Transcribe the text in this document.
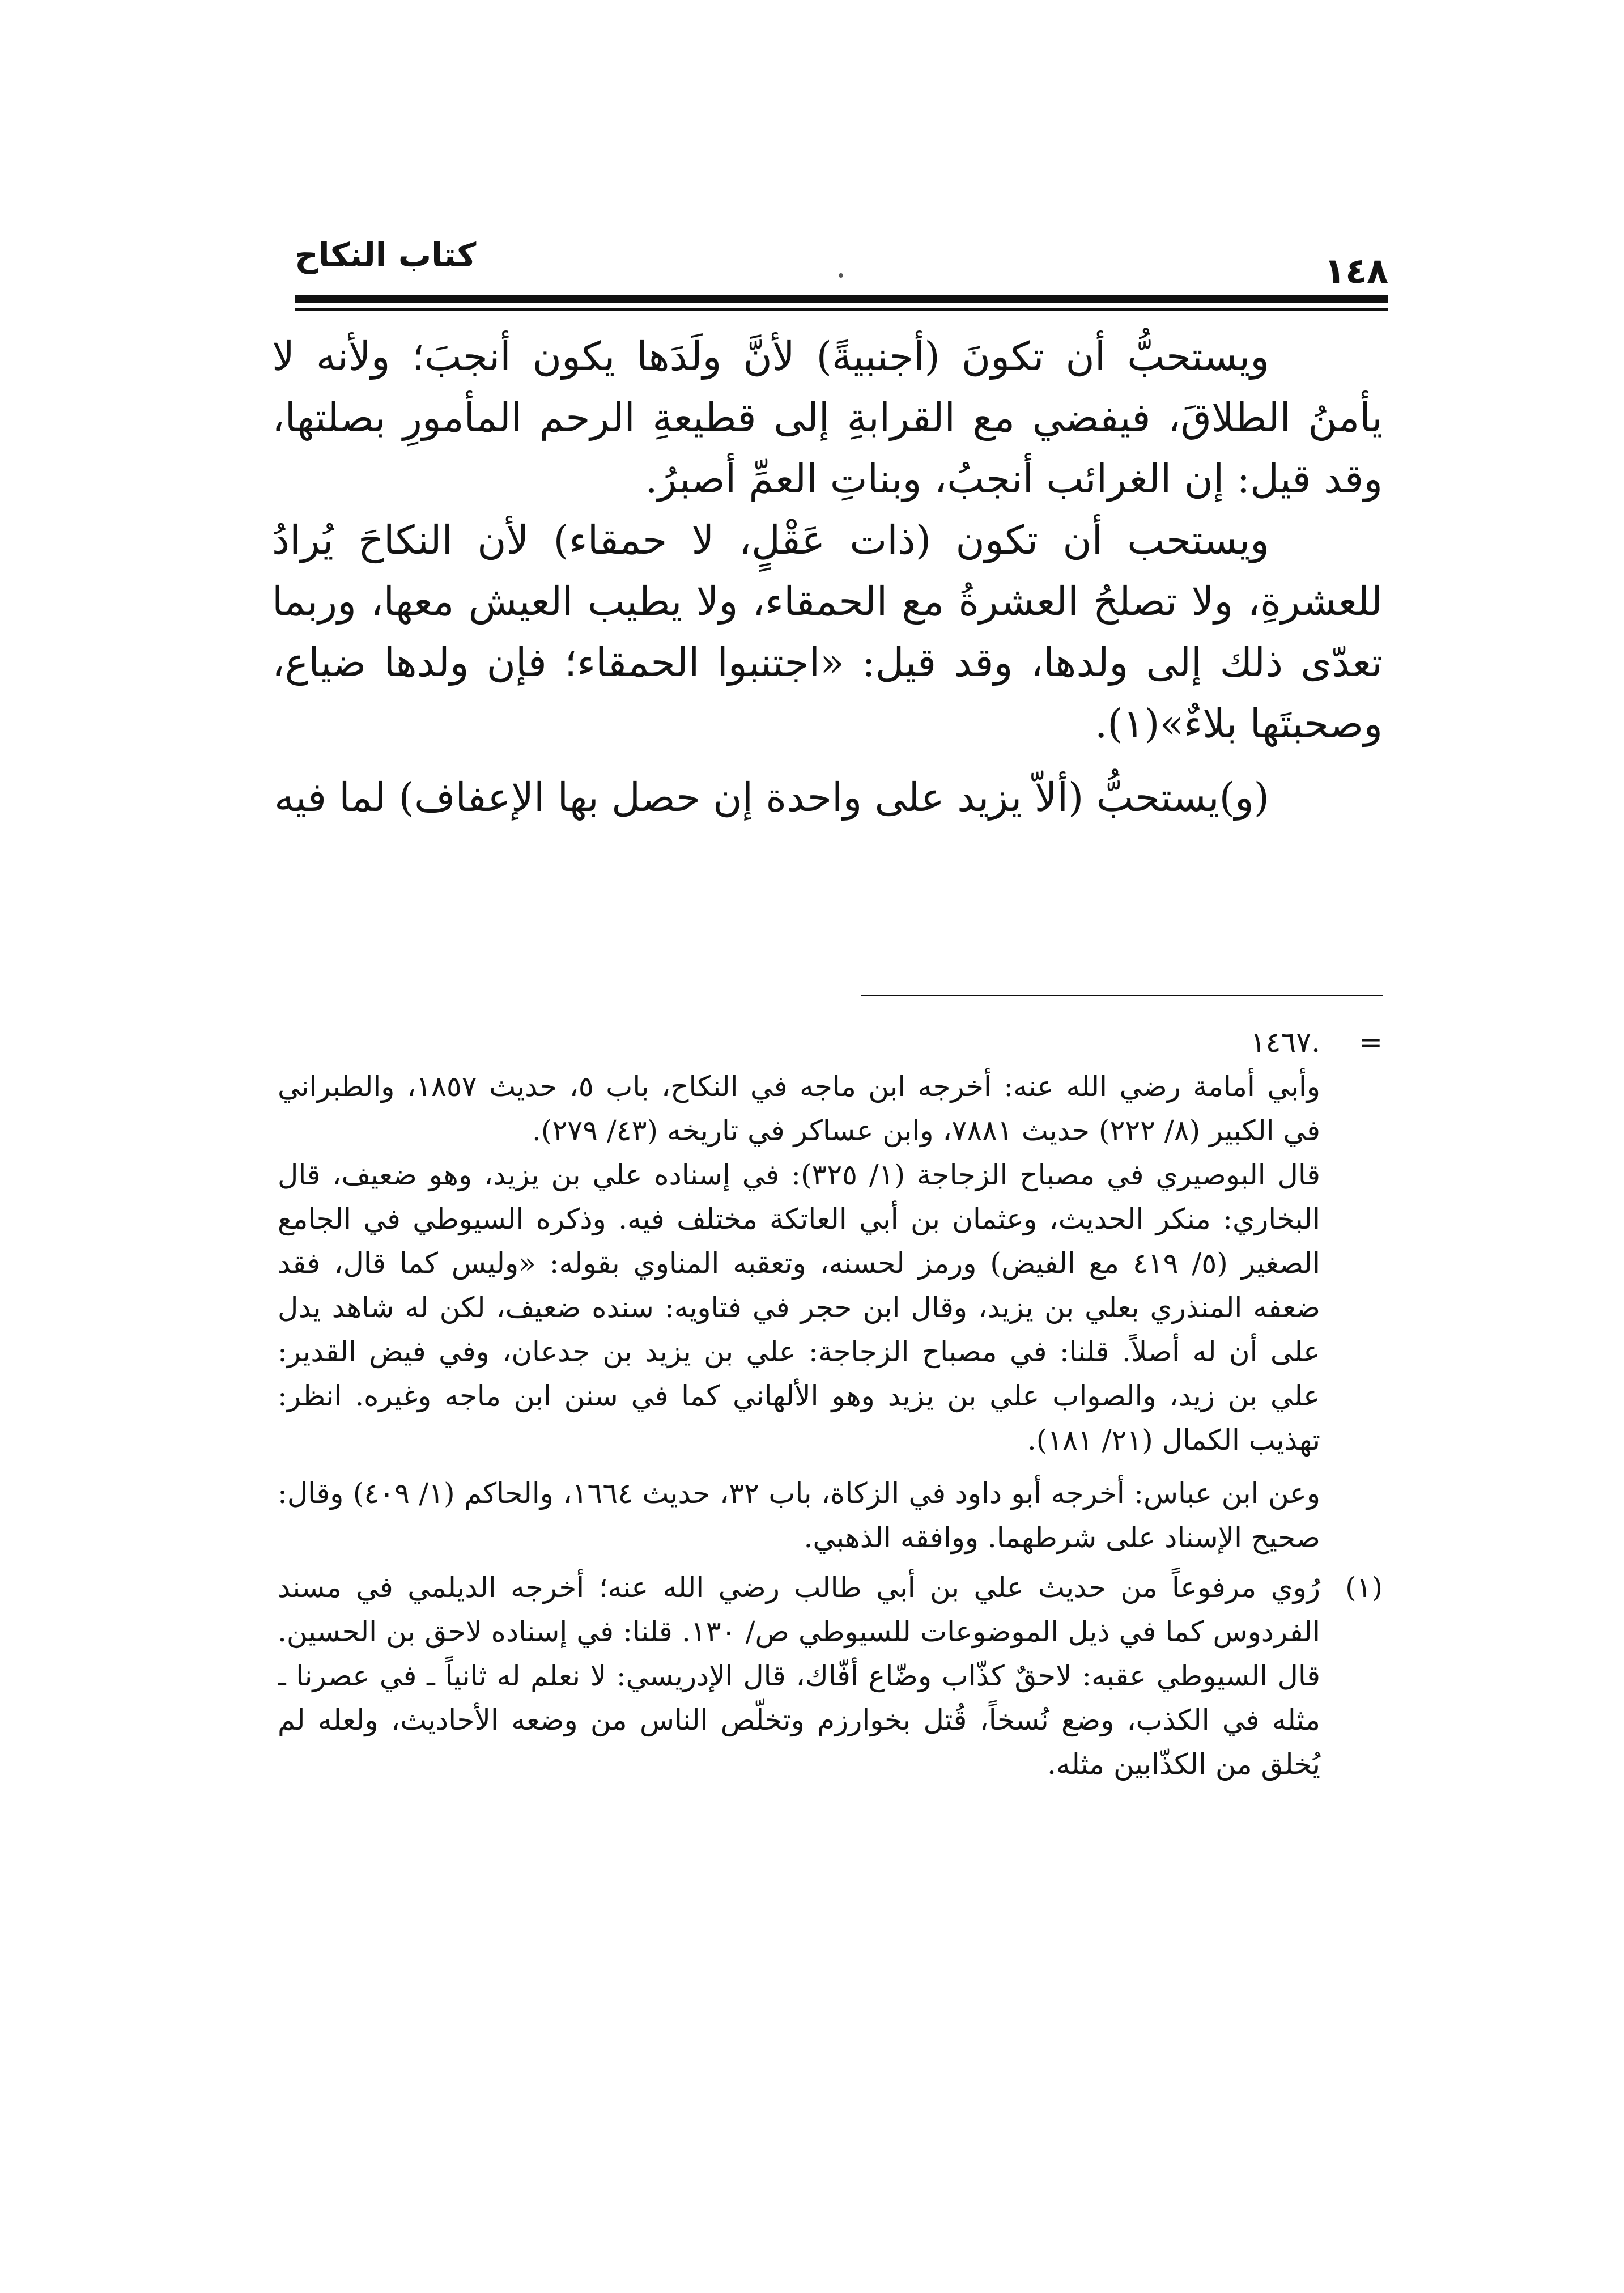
كتاب النكاح	١٤٨

ويستحبُّ أن تكونَ (أجنبيةً) لأنَّ ولَدَها يكون أنجبَ؛ ولأنه لا يأمنُ الطلاقَ، فيفضي مع القرابةِ إلى قطيعةِ الرحم المأمورِ بصلتها، وقد قيل: إن الغرائب أنجبُ، وبناتِ العمِّ أصبرُ.

ويستحب أن تكون (ذات عَقْلٍ، لا حمقاء) لأن النكاحَ يُرادُ للعشرةِ، ولا تصلحُ العشرةُ مع الحمقاء، ولا يطيب العيش معها، وربما تعدّى ذلك إلى ولدها، وقد قيل: «اجتنبوا الحمقاء؛ فإن ولدها ضياع، وصحبتَها بلاءٌ»(١).

(و)يستحبُّ (ألاّ يزيد على واحدة إن حصل بها الإعفاف) لما فيه

=
.١٤٦٧

وأبي أمامة رضي الله عنه: أخرجه ابن ماجه في النكاح، باب ٥، حديث ١٨٥٧، والطبراني في الكبير (٨/ ٢٢٢) حديث ٧٨٨١، وابن عساكر في تاريخه (٤٣/ ٢٧٩).

قال البوصيري في مصباح الزجاجة (١/ ٣٢٥): في إسناده علي بن يزيد، وهو ضعيف، قال البخاري: منكر الحديث، وعثمان بن أبي العاتكة مختلف فيه. وذكره السيوطي في الجامع الصغير (٥/ ٤١٩ مع الفيض) ورمز لحسنه، وتعقبه المناوي بقوله: «وليس كما قال، فقد ضعفه المنذري بعلي بن يزيد، وقال ابن حجر في فتاويه: سنده ضعيف، لكن له شاهد يدل على أن له أصلاً. قلنا: في مصباح الزجاجة: علي بن يزيد بن جدعان، وفي فيض القدير: علي بن زيد، والصواب علي بن يزيد وهو الألهاني كما في سنن ابن ماجه وغيره. انظر: تهذيب الكمال (٢١/ ١٨١).

وعن ابن عباس: أخرجه أبو داود في الزكاة، باب ٣٢، حديث ١٦٦٤، والحاكم (١/ ٤٠٩) وقال: صحيح الإسناد على شرطهما. ووافقه الذهبي.

(١)
رُوي مرفوعاً من حديث علي بن أبي طالب رضي الله عنه؛ أخرجه الديلمي في مسند الفردوس كما في ذيل الموضوعات للسيوطي ص/ ١٣٠. قلنا: في إسناده لاحق بن الحسين. قال السيوطي عقبه: لاحقٌ كذّاب وضّاع أفّاك، قال الإدريسي: لا نعلم له ثانياً ـ في عصرنا ـ مثله في الكذب، وضع نُسخاً، قُتل بخوارزم وتخلّص الناس من وضعه الأحاديث، ولعله لم يُخلق من الكذّابين مثله.
